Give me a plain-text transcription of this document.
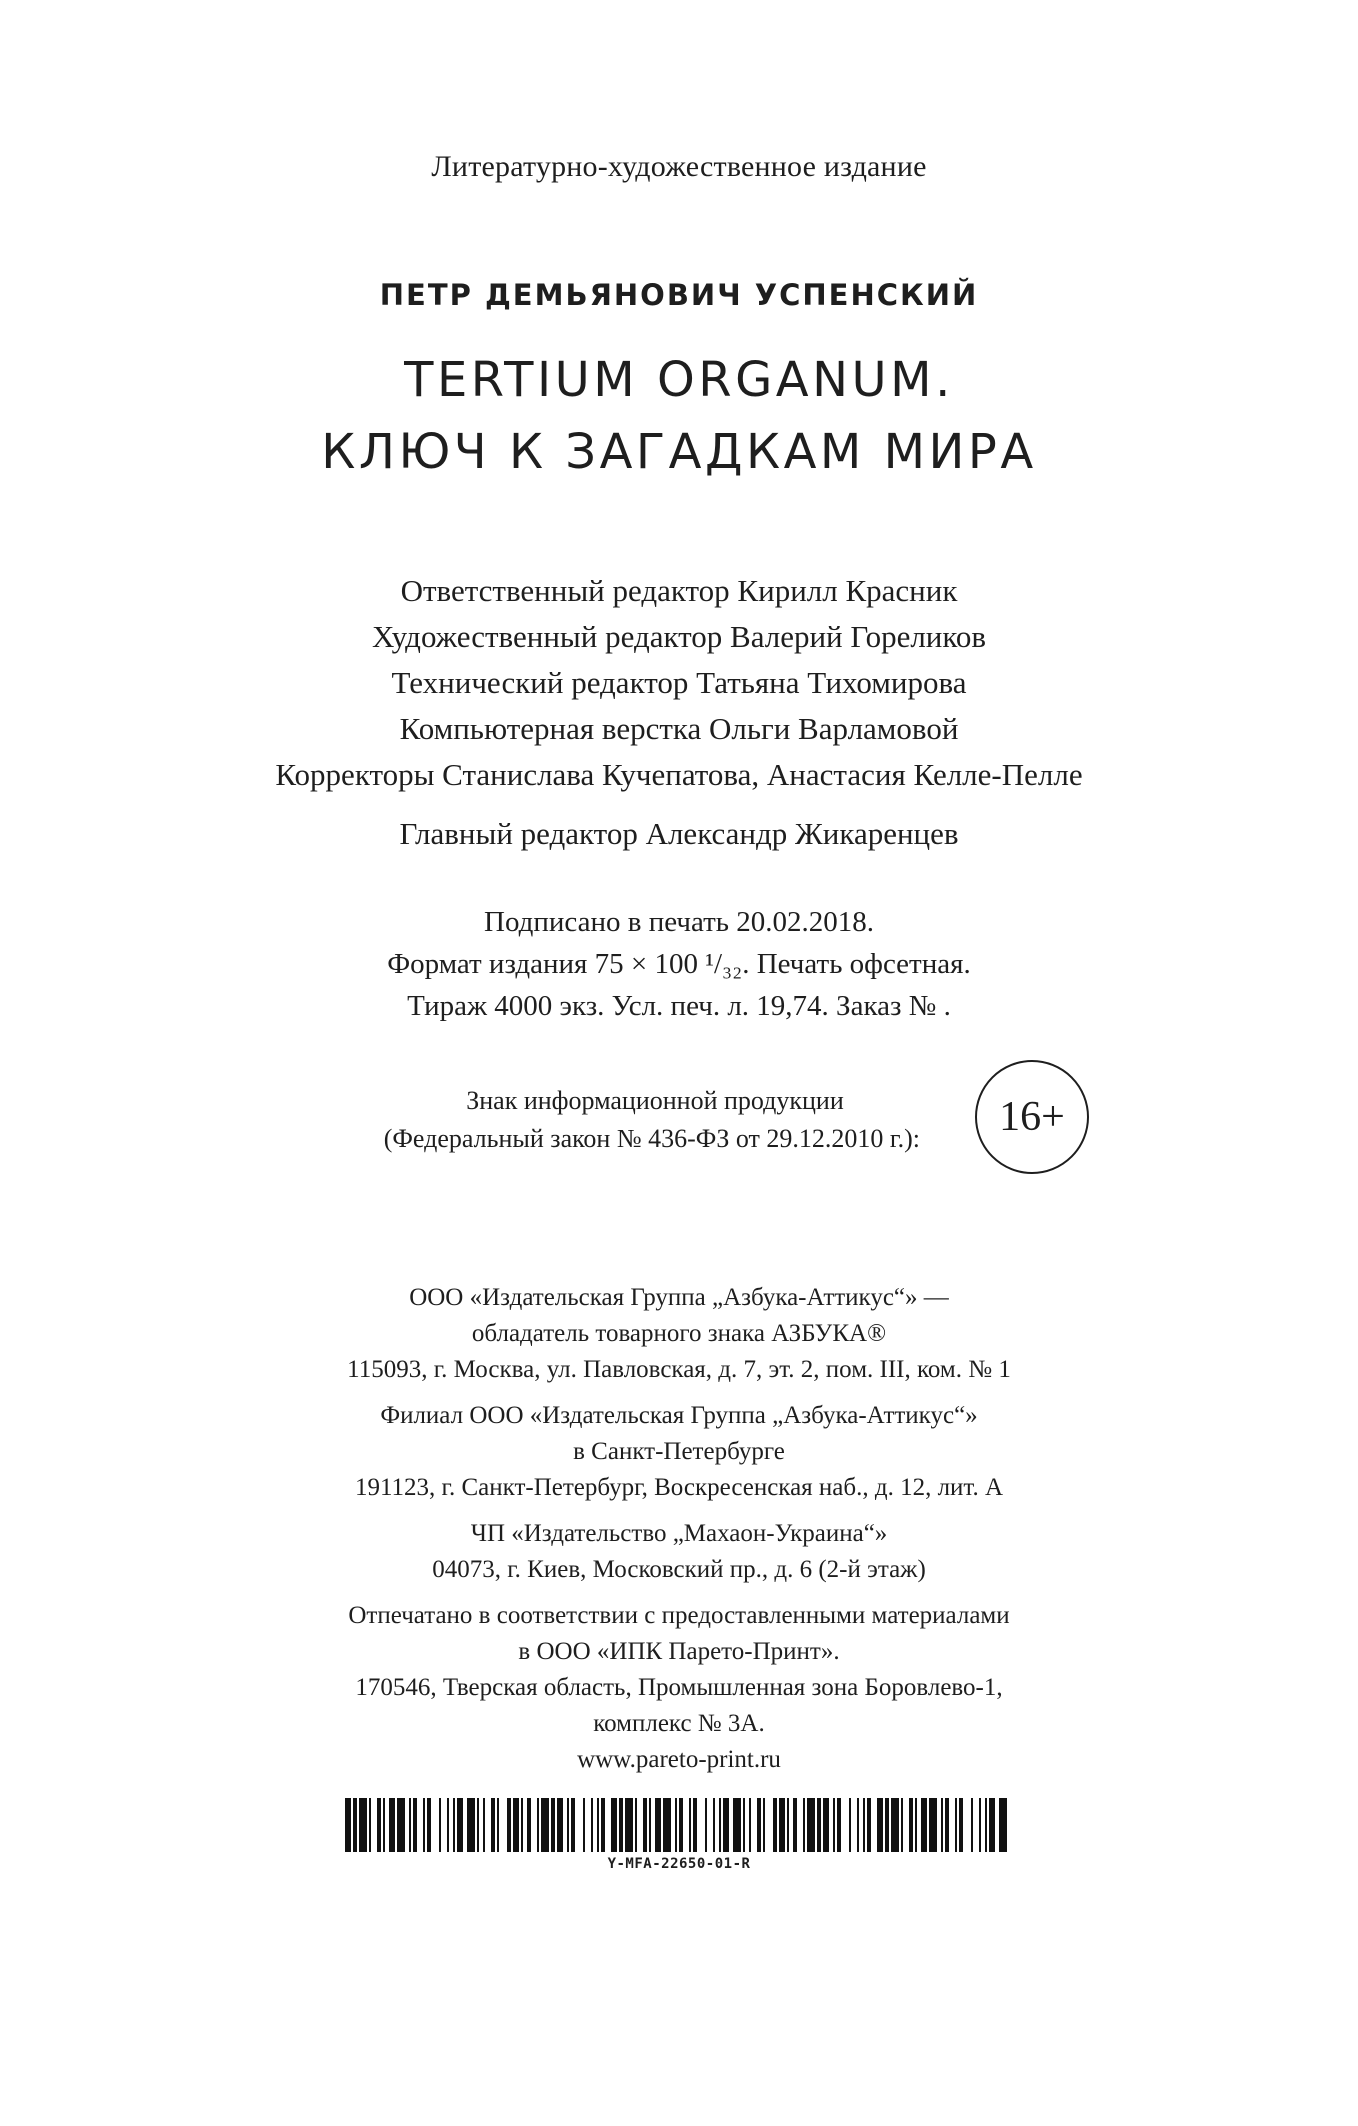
Литературно-художественное издание
ПЕТР ДЕМЬЯНОВИЧ УСПЕНСКИЙ
TERTIUM ORGANUM.
КЛЮЧ К ЗАГАДКАМ МИРА
Ответственный редактор Кирилл Красник
Художественный редактор Валерий Гореликов
Технический редактор Татьяна Тихомирова
Компьютерная верстка Ольги Варламовой
Корректоры Станислава Кучепатова, Анастасия Келле-Пелле
Главный редактор Александр Жикаренцев
Подписано в печать 20.02.2018.
Формат издания 75 × 100 ¹/₃₂. Печать офсетная.
Тираж 4000 экз. Усл. печ. л. 19,74. Заказ № .
Знак информационной продукции
(Федеральный закон № 436-ФЗ от 29.12.2010 г.): 16+
ООО «Издательская Группа „Азбука-Аттикус“» —
обладатель товарного знака АЗБУКА®
115093, г. Москва, ул. Павловская, д. 7, эт. 2, пом. III, ком. № 1
Филиал ООО «Издательская Группа „Азбука-Аттикус“»
в Санкт-Петербурге
191123, г. Санкт-Петербург, Воскресенская наб., д. 12, лит. А
ЧП «Издательство „Махаон-Украина“»
04073, г. Киев, Московский пр., д. 6 (2-й этаж)
Отпечатано в соответствии с предоставленными материалами
в ООО «ИПК Парето-Принт».
170546, Тверская область, Промышленная зона Боровлево-1,
комплекс № 3А.
www.pareto-print.ru
Y-MFA-22650-01-R
